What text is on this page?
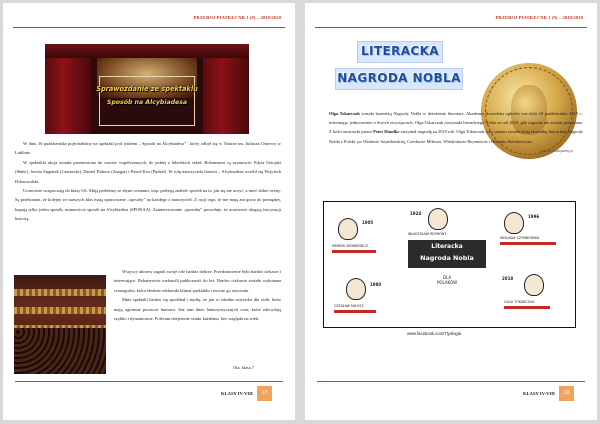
PRZEBOJ PIATKEJ NR 1 (9) – 2019/2020
Sprawozdanie ze spektaklu
Sposób na Alcybiadesa

W dniu 16 października pojechaliśmy na spektakl pod tytułem „ Sposób na Alcybiadesa” , który odbył się w Teatrze im. Juliusza Osterwy w Lublinie.

W spektaklu akcja została przeniesiona do czasów współczesnych, do jednej z lubelskich szkół. Bohaterami są uczniowie: Edyta Ostojski (Słabe), Jowita Stępniak (Czarnecki), Daniel Dobosz (Zasępa) i Paweł Kos (Pędzel). W rolę nauczyciela historii – Alcybiadesa wcielił się Wojciech Dobrowolski.

Uczniowie uczęszczają do klasy 6A. Mają problemy ze złymi ocenami, więc próbują znaleźć sposób na to, jak się nie uczyć, a mieć dobre oceny. Są przekonani, że kolejny ze starszych klas mają opracowane „sposoby” na każdego z nauczycieli. Z racji tego, że nie mają ani grosz do pieniędzy, kupują tylko jeden sposób, mianowicie sposób na Alcybiadesa (SPONAA). Zainteresowanie „sposobu” powoduje, że uczniowie ulegają fascynacji historią.

Wszyscy aktorzy zagrali swoje role bardzo dobrze. Przedstawienie było bardzo ciekawe i interesujące. Bohaterowie rozbawili publiczność do łez. Bardzo ciekawie zostało wykonana scenografia, która idealnie oddawała klimat spektaklu i mocno go ożywiała.

Mnie spektakl bardzo się spodobał i myślę, że jest to idealna rozrywka dla osób, które mają ogromne poczucie humoru. Jest tam dużo humorystycznych scen, które zdecydują szybko i dynamicznie. Polecam obejrzenie sztuki każdemu, bez względu na wiek.

Ola, klasa 7
KLASY IV-VIII	17
PRZEBOJ PIATKEJ NR 1 (9) – 2019/2020
LITERACKA
NAGRODA NOBLA
www.skrystalopiaedy.pl

Olga Tokarczuk została laureatką Nagrody Nobla w dziedzinie literatury. Akademia Szwedzka ogłosiła wer-dykt 10 października 2019 r., informując jednocześnie o dwóch zwycięzcach. Olga Tokarczuk otrzymała literackiego Nobla za rok 2018, gdy nagroda nie została przyznana. Z kolei austriacki pisarz Peter Handke otrzymał nagrodę za 2019 rok. Olga Tokarczuk tym samym została piątą laureatką literackiej Nagrody Nobla z Polski, po Wisławie Szymborskiej, Czesławie Miłoszu, Władysławie Reymoncie i Henryku Sienkiewiczu.

Literacka
Nagroda Nobla
DLA POLAKÓW
1905
HENRYK SIENKIEWICZ
1924
WŁADYSŁAW REYMONT
1996
WISŁAWA SZYMBORSKA
1980
CZESŁAW MIŁOSZ
2018
OLGA TOKARCZUK
www.facebook.com/Tlyologia
KLASY IV-VIII	18
